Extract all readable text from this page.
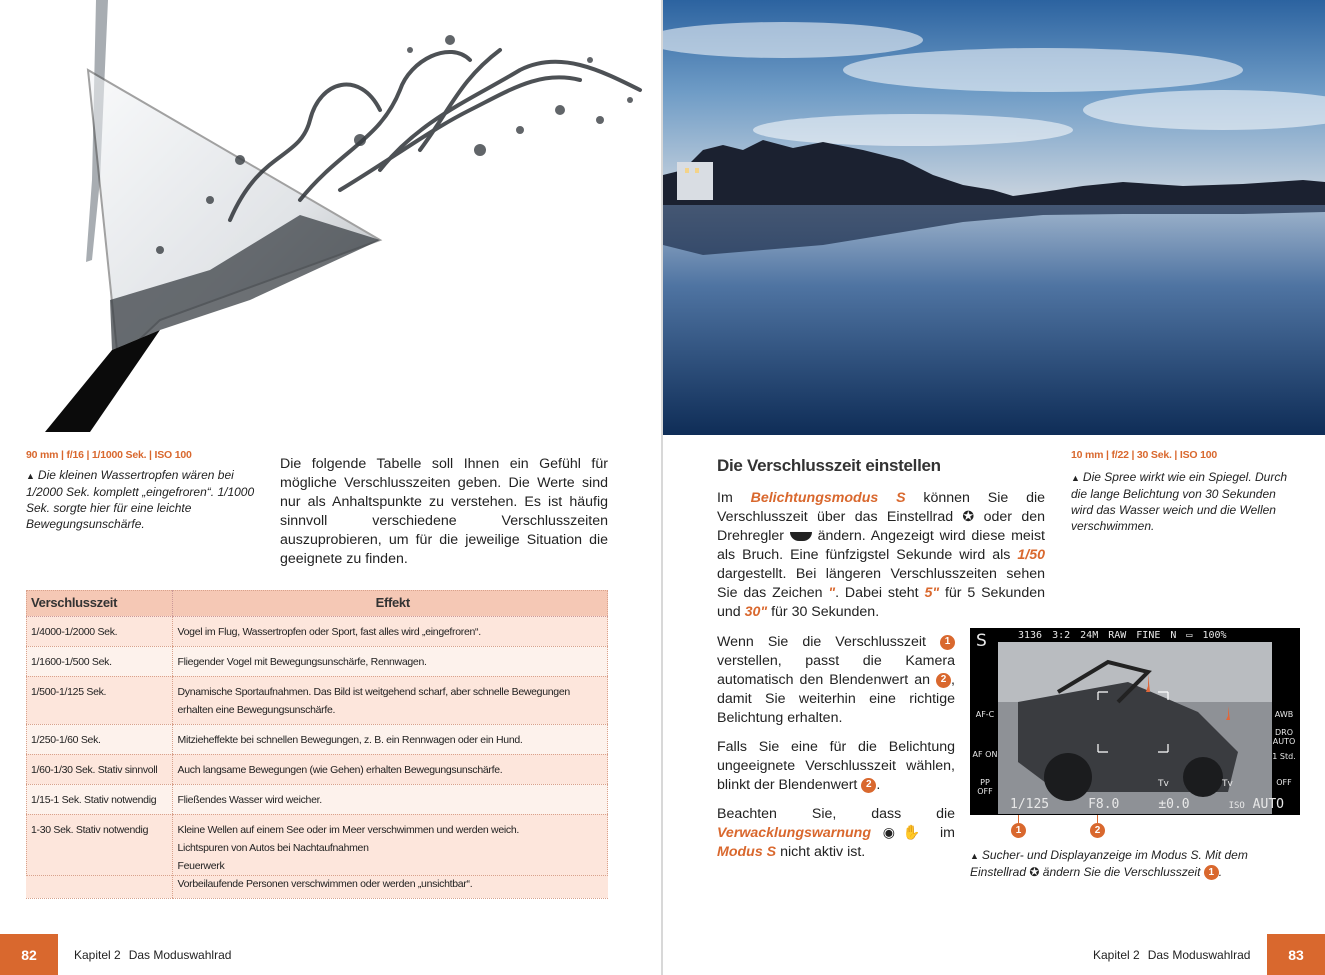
90 mm | f/16 | 1/1000 Sek. | ISO 100
▲ Die kleinen Wassertropfen wären bei 1/2000 Sek. komplett „eingefroren“. 1/1000 Sek. sorgte hier für eine leichte Bewegungsunschärfe.
Die folgende Tabelle soll Ihnen ein Gefühl für mögliche Verschlusszeiten geben. Die Werte sind nur als Anhaltspunkte zu verstehen. Es ist häufig sinnvoll verschiedene Verschlusszeiten auszuprobieren, um für die jeweilige Situation die geeignete zu finden.
Verschlusszeit	Effekt
1/4000-1/2000 Sek.	Vogel im Flug, Wassertropfen oder Sport, fast alles wird „eingefroren“.

1/1600-1/500 Sek.	Fliegender Vogel mit Bewegungsunschärfe, Rennwagen.

1/500-1/125 Sek.	Dynamische Sportaufnahmen. Das Bild ist weitgehend scharf, aber schnelle Bewegungen erhalten eine Bewegungsunschärfe.

1/250-1/60 Sek.	Mitzieheffekte bei schnellen Bewegungen, z. B. ein Rennwagen oder ein Hund.

1/60-1/30 Sek. Stativ sinnvoll	Auch langsame Bewegungen (wie Gehen) erhalten Bewegungsunschärfe.

1/15-1 Sek. Stativ notwendig	Fließendes Wasser wird weicher.

1-30 Sek. Stativ notwendig	Kleine Wellen auf einem See oder im Meer verschwimmen und werden weich.
Lichtspuren von Autos bei Nachtaufnahmen
Feuerwerk
Vorbeilaufende Personen verschwimmen oder werden „unsichtbar“.
82	Kapitel 2 Das Moduswahlrad
10 mm | f/22 | 30 Sek. | ISO 100
▲ Die Spree wirkt wie ein Spiegel. Durch die lange Belichtung von 30 Sekunden wird das Wasser weich und die Wellen verschwimmen.
Die Verschlusszeit einstellen
Im Belichtungsmodus S können Sie die Verschlusszeit über das Einstellrad ✪ oder den Drehregler  ändern. Angezeigt wird diese meist als Bruch. Eine fünfzigstel Sekunde wird als 1/50 dargestellt. Bei längeren Verschlusszeiten sehen Sie das Zeichen ". Dabei steht 5" für 5 Sekunden und 30" für 30 Sekunden.

Wenn Sie die Verschlusszeit 1 verstellen, passt die Kamera automatisch den Blendenwert an 2 , damit Sie weiterhin eine richtige Belichtung erhalten.

Falls Sie eine für die Belichtung ungeeignete Verschlusszeit wählen, blinkt der Blendenwert 2 .

Beachten Sie, dass die Verwacklungswarnung ◉✋ im Modus S nicht aktiv ist.

S	3136 3:2 24M RAW FINE N ▭ 100%
AF-C
AF ON
PP OFF
AWB
DRO AUTO
1 Std.
OFF
Tv	Tv
1/125	F8.0	±0.0	ISO AUTO
1	2
▲ Sucher- und Displayanzeige im Modus S. Mit dem Einstellrad ✪ ändern Sie die Verschlusszeit 1 .
Kapitel 2 Das Moduswahlrad	83
